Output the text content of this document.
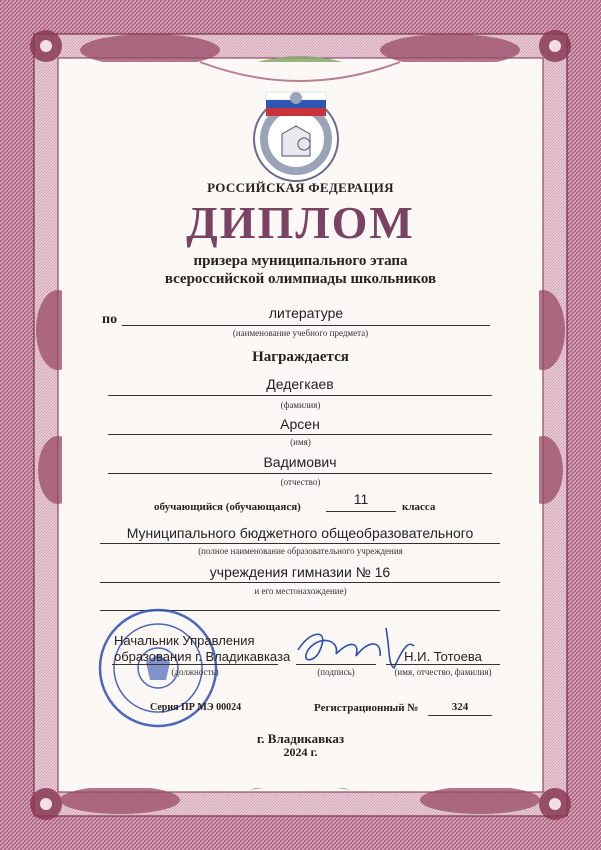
РОССИЙСКАЯ ФЕДЕРАЦИЯ
ДИПЛОМ
призера муниципального этапа
всероссийской олимпиады школьников
по	литературе
(наименование учебного предмета)
Награждается
Дедегкаев
(фамилия)
Арсен
(имя)
Вадимович
(отчество)
обучающийся (обучающаяся)	11	класса
Муниципального бюджетного общеобразовательного
(полное наименование образовательного учреждения
учреждения гимназии № 16
и его местонахождение)
Начальник Управления
образования г. Владикавказа
(должность)	(подпись)
Н.И. Тотоева
(имя, отчество, фамилия)
Серия ПР МЭ 00024	Регистрационный №	324
г. Владикавказ
2024 г.
